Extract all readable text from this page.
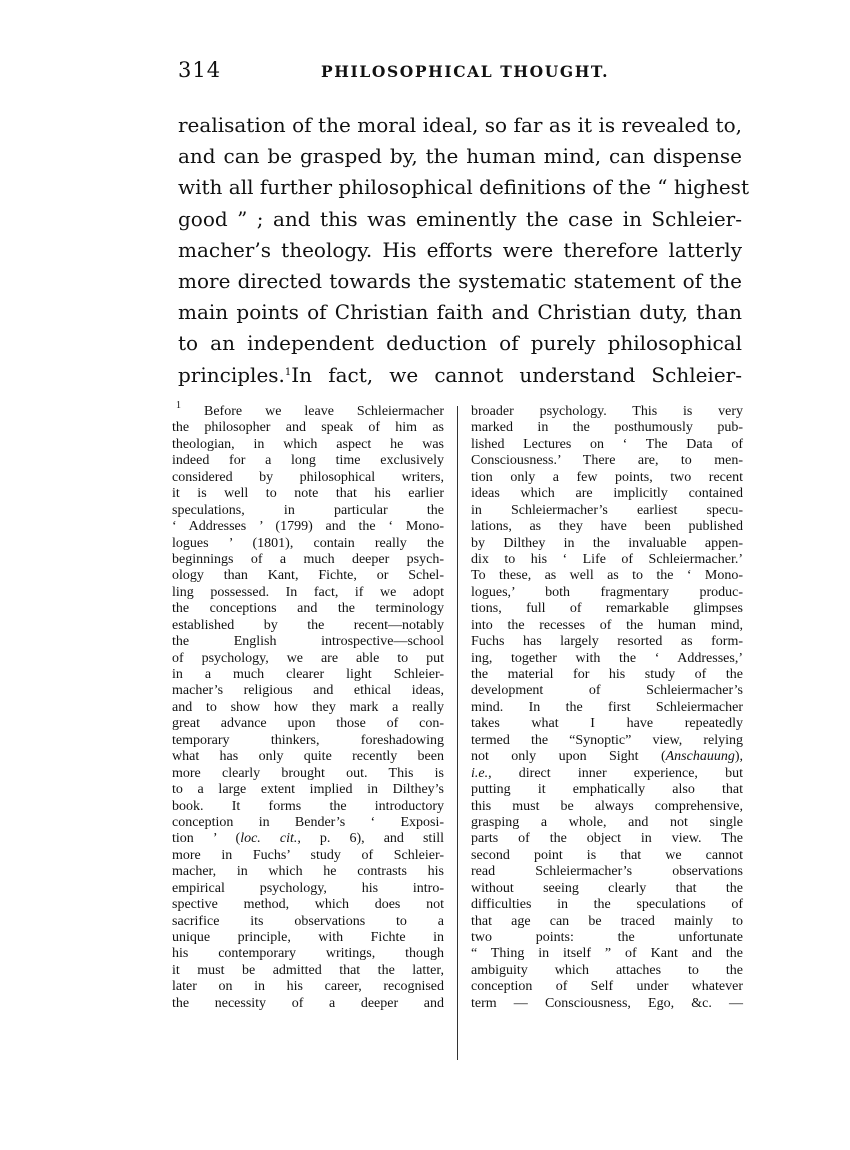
314	PHILOSOPHICAL THOUGHT.
realisation of the moral ideal, so far as it is revealed to,
and can be grasped by, the human mind, can dispense
with all further philosophical definitions of the “ highest
good ” ; and this was eminently the case in Schleier-
macher’s theology. His efforts were therefore latterly
more directed towards the systematic statement of the
main points of Christian faith and Christian duty, than
to an independent deduction of purely philosophical
principles.$^1$In fact, we cannot understand Schleier-
$^1$ Before we leave Schleiermacher
the philosopher and speak of him as
theologian, in which aspect he was
indeed for a long time exclusively
considered by philosophical writers,
it is well to note that his earlier
speculations, in particular the
‘ Addresses ’ (1799) and the ‘ Mono-
logues ’ (1801), contain really the
beginnings of a much deeper psych-
ology than Kant, Fichte, or Schel-
ling possessed. In fact, if we adopt
the conceptions and the terminology
established by the recent—notably
the English introspective—school
of psychology, we are able to put
in a much clearer light Schleier-
macher’s religious and ethical ideas,
and to show how they mark a really
great advance upon those of con-
temporary thinkers, foreshadowing
what has only quite recently been
more clearly brought out. This is
to a large extent implied in Dilthey’s
book. It forms the introductory
conception in Bender’s ‘ Exposi-
tion ’ (loc. cit., p. 6), and still
more in Fuchs’ study of Schleier-
macher, in which he contrasts his
empirical psychology, his intro-
spective method, which does not
sacrifice its observations to a
unique principle, with Fichte in
his contemporary writings, though
it must be admitted that the latter,
later on in his career, recognised
the necessity of a deeper and
broader psychology. This is very
marked in the posthumously pub-
lished Lectures on ‘ The Data of
Consciousness.’ There are, to men-
tion only a few points, two recent
ideas which are implicitly contained
in Schleiermacher’s earliest specu-
lations, as they have been published
by Dilthey in the invaluable appen-
dix to his ‘ Life of Schleiermacher.’
To these, as well as to the ‘ Mono-
logues,’ both fragmentary produc-
tions, full of remarkable glimpses
into the recesses of the human mind,
Fuchs has largely resorted as form-
ing, together with the ‘ Addresses,’
the material for his study of the
development of Schleiermacher’s
mind. In the first Schleiermacher
takes what I have repeatedly
termed the “Synoptic” view, relying
not only upon Sight (Anschauung),
i.e., direct inner experience, but
putting it emphatically also that
this must be always comprehensive,
grasping a whole, and not single
parts of the object in view. The
second point is that we cannot
read Schleiermacher’s observations
without seeing clearly that the
difficulties in the speculations of
that age can be traced mainly to
two points: the unfortunate
“ Thing in itself ” of Kant and the
ambiguity which attaches to the
conception of Self under whatever
term — Consciousness, Ego, &c. —
